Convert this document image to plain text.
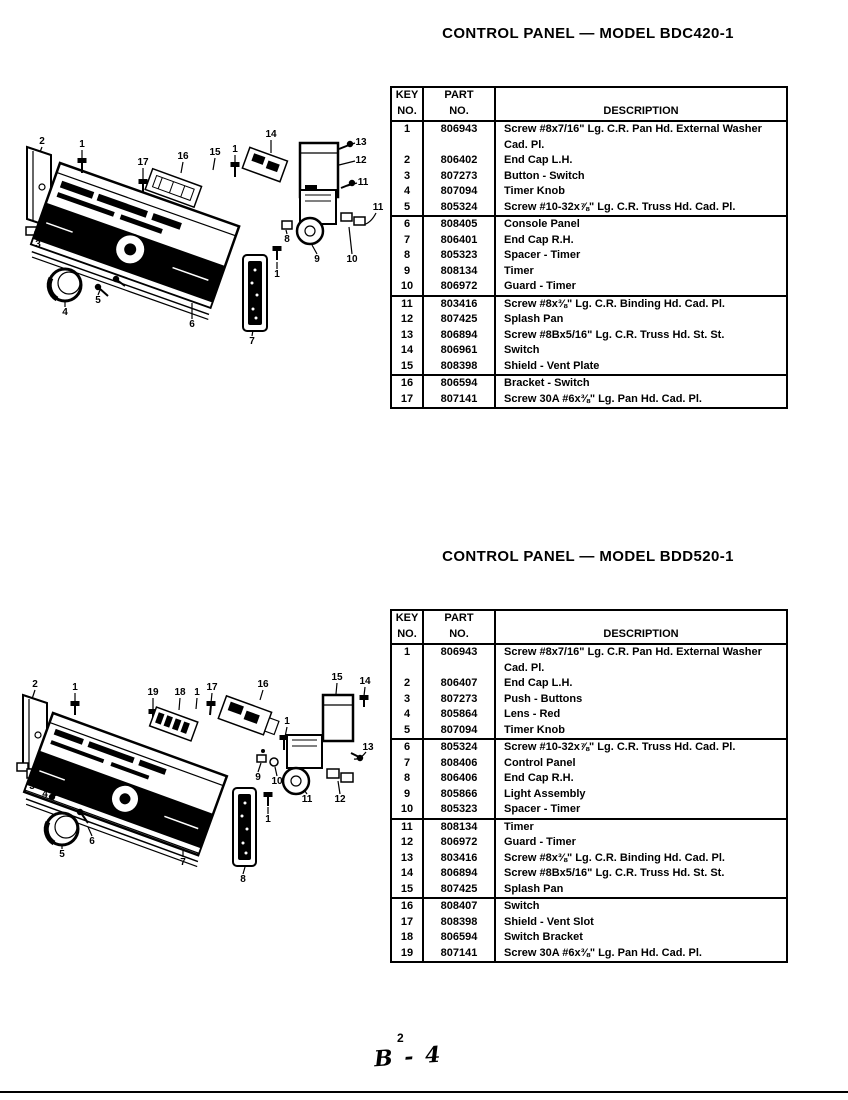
CONTROL PANEL — MODEL BDC420-1
2	1
17
16 15 1
14
13
12
11
11
3
4
5
1
8
9	10
6
7
KEY
NO.	PART
NO.	DESCRIPTION
1	806943	Screw #8x7/16" Lg. C.R. Pan Hd. External Washer Cad. Pl.
2	806402	End Cap L.H.
3	807273	Button - Switch
4	807094	Timer Knob
5	805324	Screw #10-32x⅞" Lg. C.R. Truss Hd. Cad. Pl.
6	808405	Console Panel
7	806401	End Cap R.H.
8	805323	Spacer - Timer
9	808134	Timer
10	806972	Guard - Timer
11	803416	Screw #8x⅜" Lg. C.R. Binding Hd. Cad. Pl.
12	807425	Splash Pan
13	806894	Screw #8Bx5/16" Lg. C.R. Truss Hd. St. St.
14	806961	Switch
15	808398	Shield - Vent Plate
16	806594	Bracket - Switch
17	807141	Screw 30A #6x⅜" Lg. Pan Hd. Cad. Pl.
CONTROL PANEL — MODEL BDD520-1
2	1	19 18 1 17	16
15 14
1
13
9 10
11 12
3
4
5
6
1
7
8
KEY
NO.	PART
NO.	DESCRIPTION
1	806943	Screw #8x7/16" Lg. C.R. Pan Hd. External Washer Cad. Pl.
2	806407	End Cap L.H.
3	807273	Push - Buttons
4	805864	Lens - Red
5	807094	Timer Knob
6	805324	Screw #10-32x⅞" Lg. C.R. Truss Hd. Cad. Pl.
7	808406	Control Panel
8	806406	End Cap R.H.
9	805866	Light Assembly
10	805323	Spacer - Timer
11	808134	Timer
12	806972	Guard - Timer
13	803416	Screw #8x⅜" Lg. C.R. Binding Hd. Cad. Pl.
14	806894	Screw #8Bx5/16" Lg. C.R. Truss Hd. St. St.
15	807425	Splash Pan
16	808407	Switch
17	808398	Shield - Vent Slot
18	806594	Switch Bracket
19	807141	Screw 30A #6x⅜" Lg. Pan Hd. Cad. Pl.
2
B - 4
